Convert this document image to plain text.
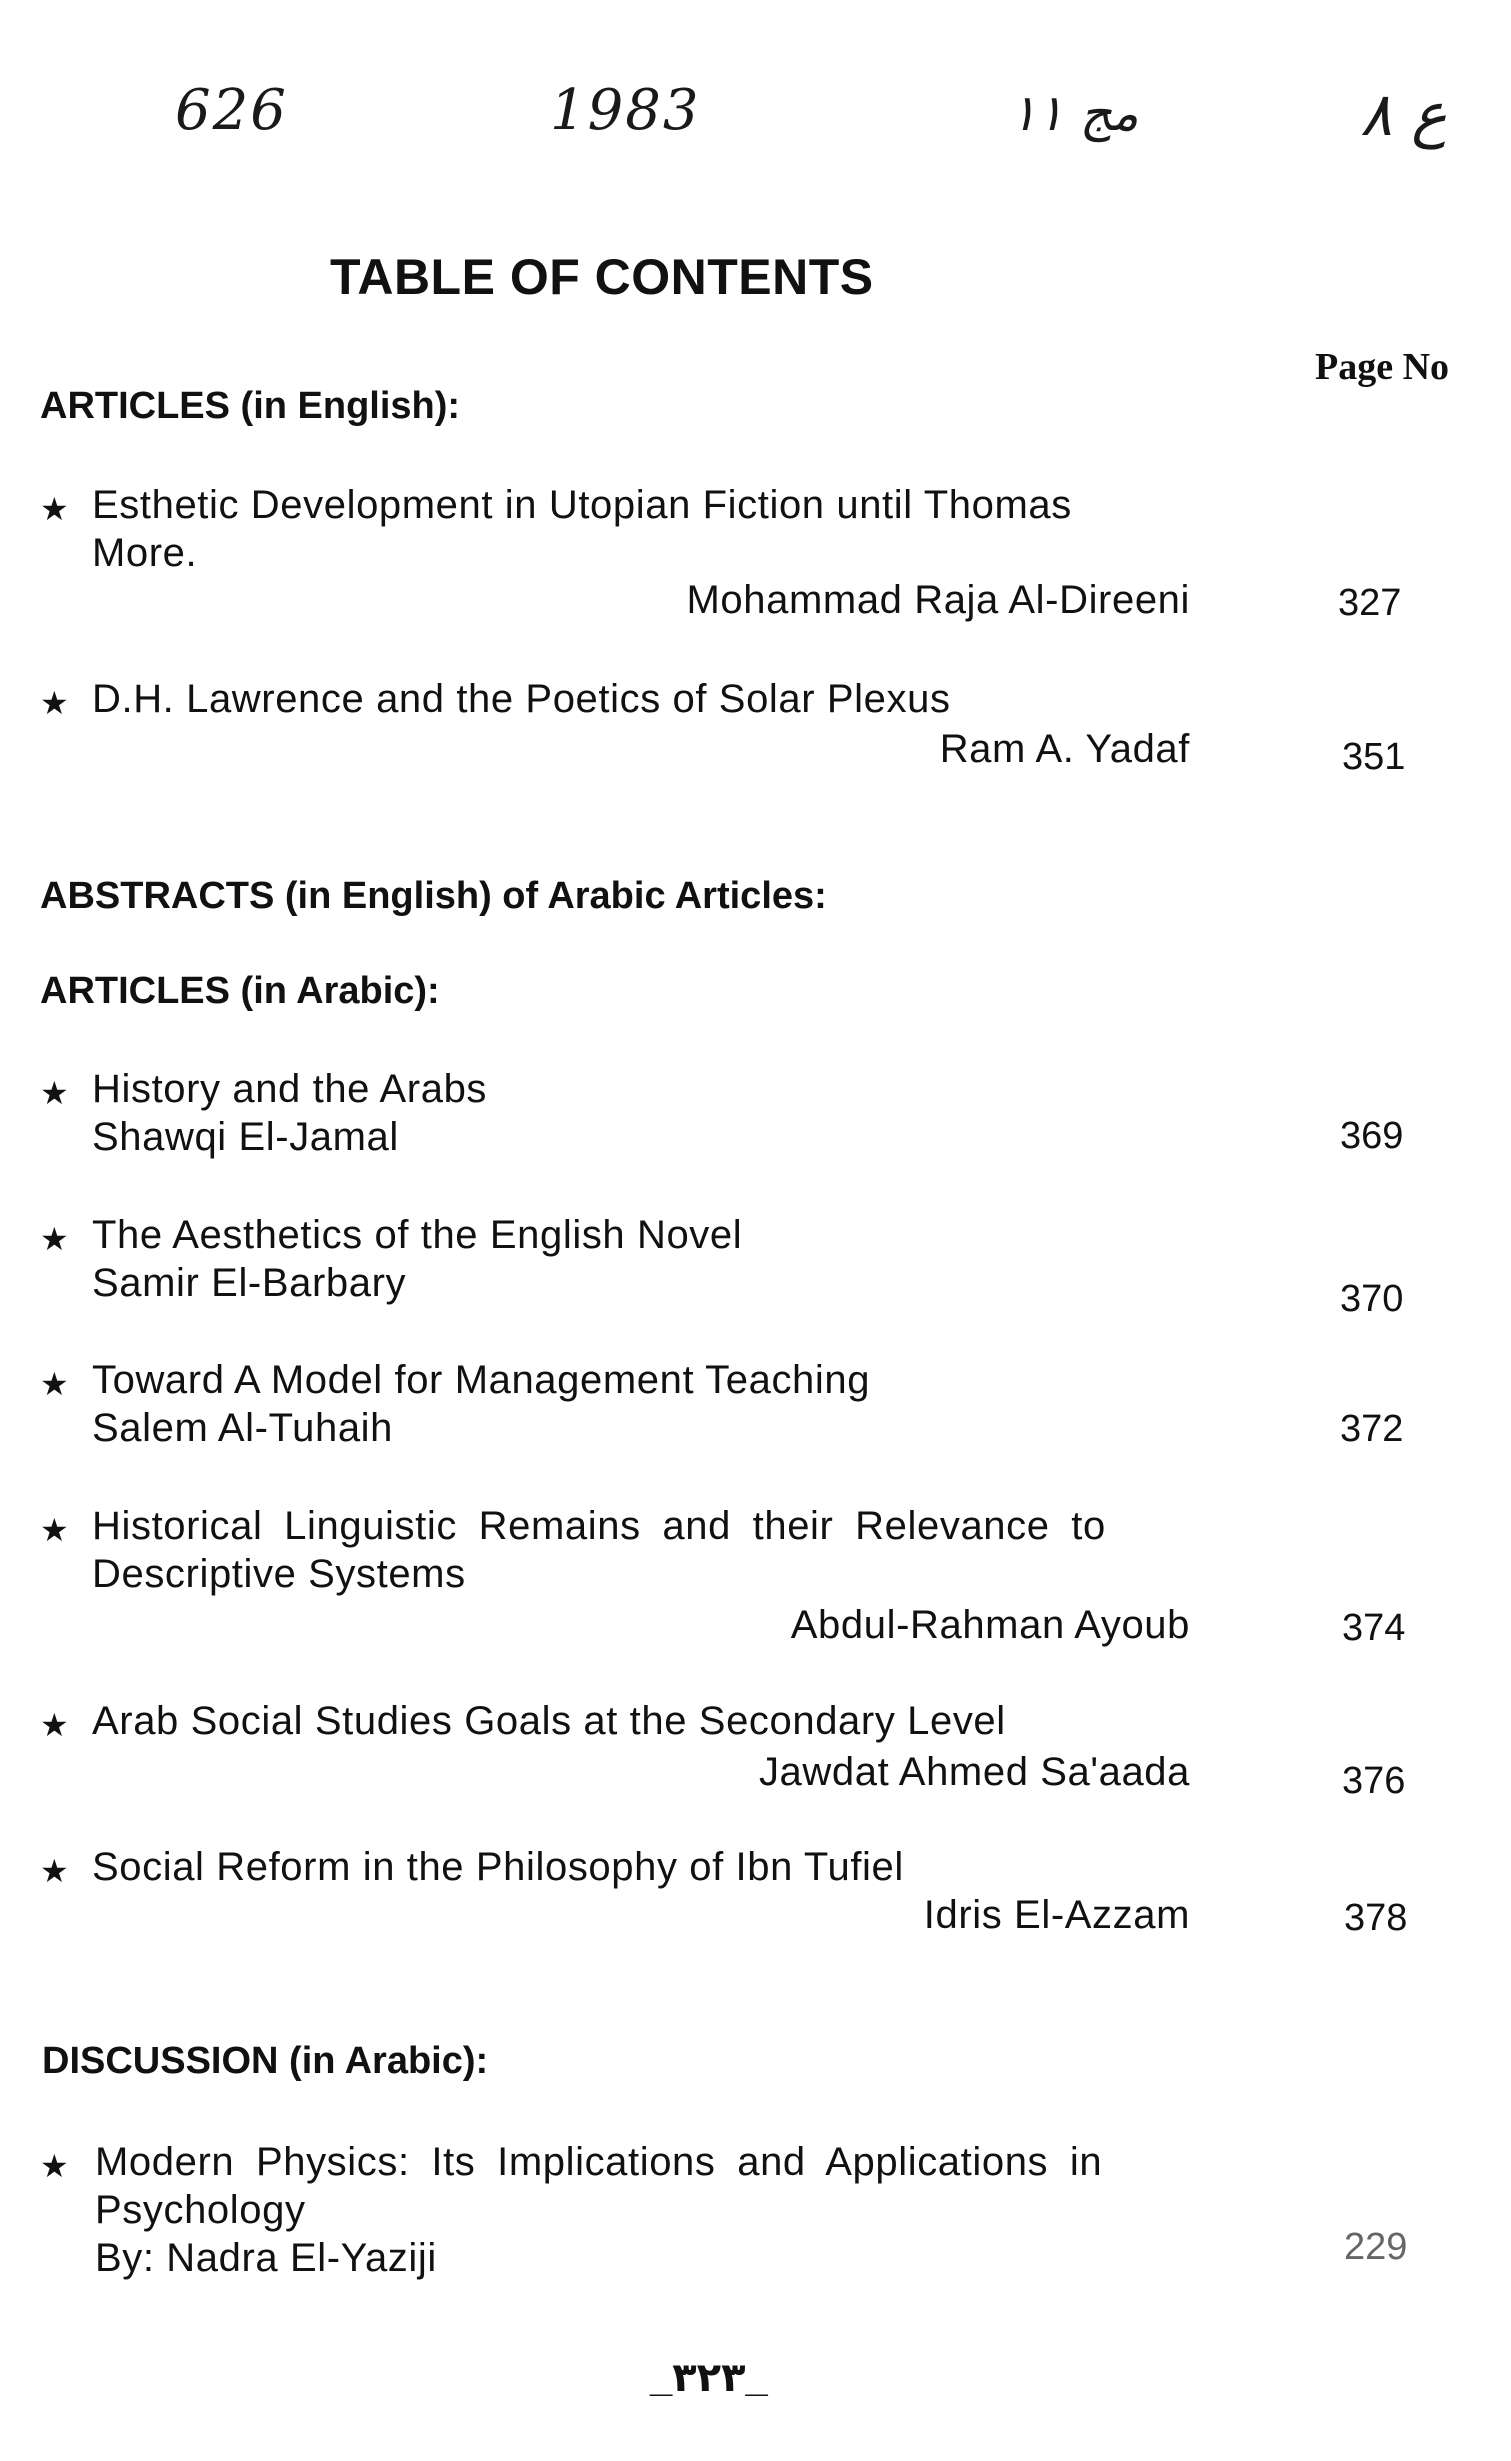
626	1983	مج ١١	ع ٨
TABLE OF CONTENTS
Page No
ARTICLES (in English):
★ Esthetic Development in Utopian Fiction until Thomas
More.
Mohammad Raja Al-Direeni	327
★ D.H. Lawrence and the Poetics of Solar Plexus
Ram A. Yadaf	351
ABSTRACTS (in English) of Arabic Articles:
ARTICLES (in Arabic):
★ History and the Arabs
Shawqi El-Jamal	369
★ The Aesthetics of the English Novel
Samir El-Barbary	370
★ Toward A Model for Management Teaching
Salem Al-Tuhaih	372
★ Historical Linguistic Remains and their Relevance to
Descriptive Systems
Abdul-Rahman Ayoub	374
★ Arab Social Studies Goals at the Secondary Level
Jawdat Ahmed Sa'aada	376
★ Social Reform in the Philosophy of Ibn Tufiel
Idris El-Azzam	378
DISCUSSION (in Arabic):
★ Modern Physics: Its Implications and Applications in
Psychology
By: Nadra El-Yaziji	229
_٣٢٣_
